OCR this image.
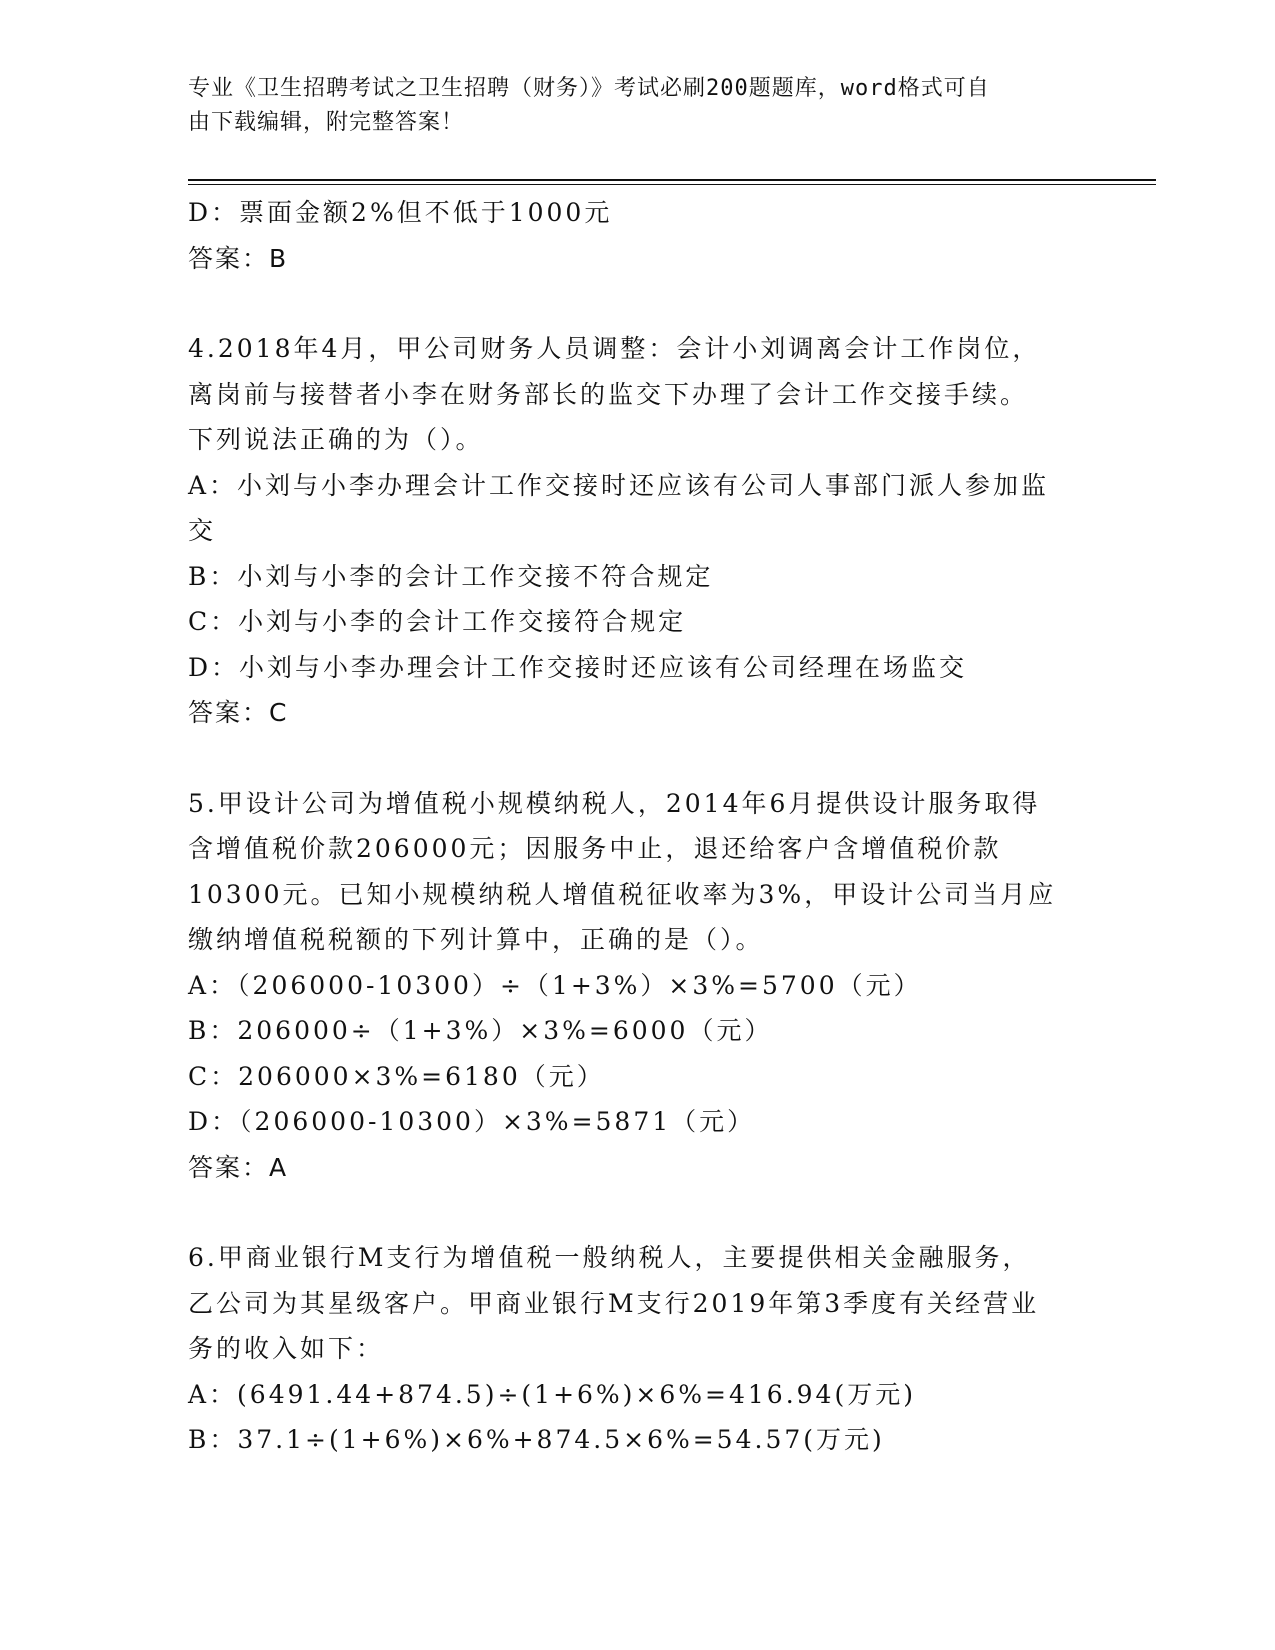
专业《卫生招聘考试之卫生招聘（财务）》考试必刷200题题库，word格式可自
由下载编辑，附完整答案！
D：票面金额2%但不低于1000元
答案：B
4.2018年4月，甲公司财务人员调整：会计小刘调离会计工作岗位，
离岗前与接替者小李在财务部长的监交下办理了会计工作交接手续。
下列说法正确的为（）。
A：小刘与小李办理会计工作交接时还应该有公司人事部门派人参加监
交
B：小刘与小李的会计工作交接不符合规定
C：小刘与小李的会计工作交接符合规定
D：小刘与小李办理会计工作交接时还应该有公司经理在场监交
答案：C
5.甲设计公司为增值税小规模纳税人，2014年6月提供设计服务取得
含增值税价款206000元；因服务中止，退还给客户含增值税价款
10300元。已知小规模纳税人增值税征收率为3%，甲设计公司当月应
缴纳增值税税额的下列计算中，正确的是（）。
A：（206000-10300）÷（1+3%）×3%=5700（元）
B：206000÷（1+3%）×3%=6000（元）
C：206000×3%=6180（元）
D：（206000-10300）×3%=5871（元）
答案：A
6.甲商业银行M支行为增值税一般纳税人，主要提供相关金融服务，
乙公司为其星级客户。甲商业银行M支行2019年第3季度有关经营业
务的收入如下：
A：(6491.44+874.5)÷(1+6%)×6%=416.94(万元)
B：37.1÷(1+6%)×6%+874.5×6%=54.57(万元)
